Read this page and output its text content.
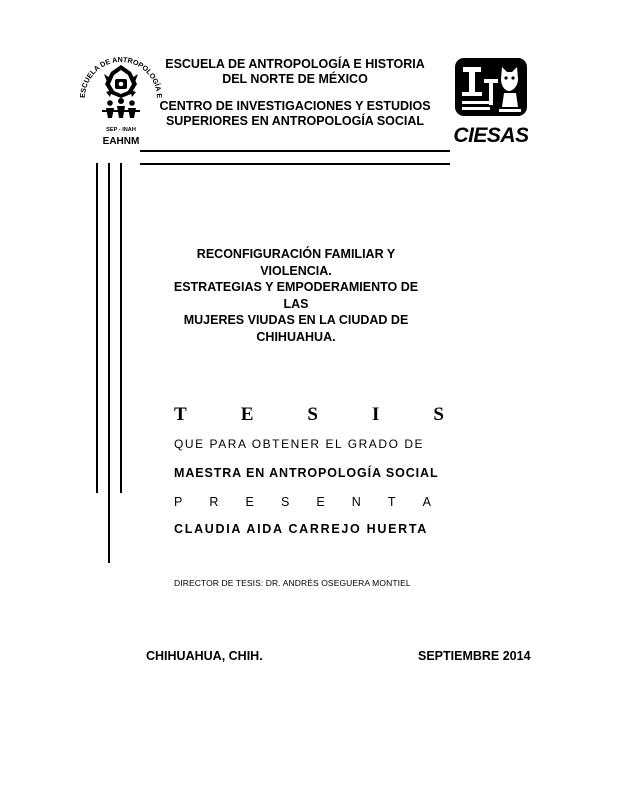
ESCUELA DE ANTROPOLOGÍA E
SEP - INAH
EAHNM
ESCUELA DE ANTROPOLOGÍA E HISTORIA
DEL NORTE DE MÉXICO
CENTRO DE INVESTIGACIONES Y ESTUDIOS
SUPERIORES EN ANTROPOLOGÍA SOCIAL
CIESAS
RECONFIGURACIÓN FAMILIAR Y VIOLENCIA.
ESTRATEGIAS Y EMPODERAMIENTO DE LAS
MUJERES VIUDAS EN LA CIUDAD DE
CHIHUAHUA.
T	E	S	I	S
QUE PARA OBTENER EL GRADO DE
MAESTRA EN ANTROPOLOGÍA SOCIAL
P R E S E N T A
CLAUDIA AIDA CARREJO HUERTA
DIRECTOR DE TESIS: DR. ANDRÉS OSEGUERA MONTIEL
CHIHUAHUA, CHIH.	SEPTIEMBRE 2014
